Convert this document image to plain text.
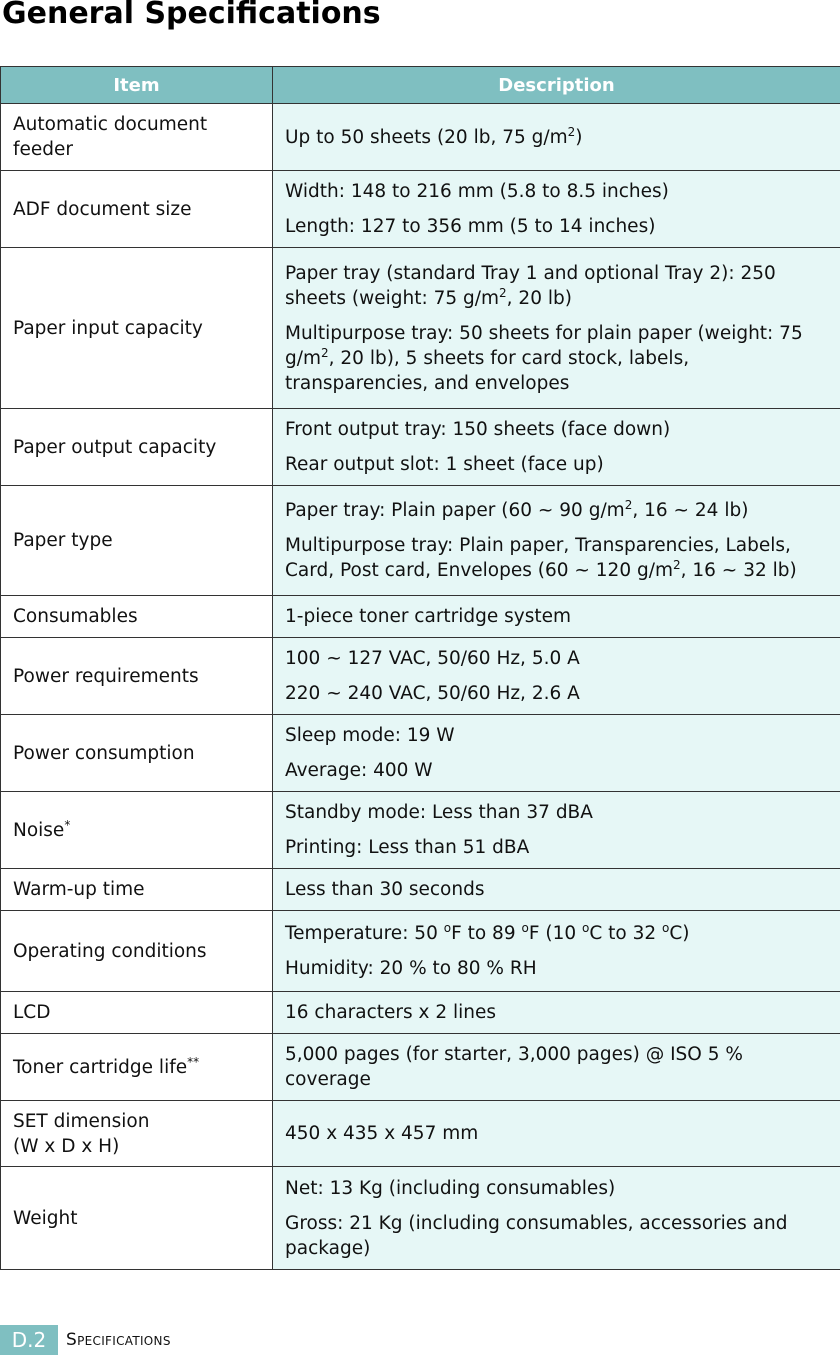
General Specifications
Item	Description
Automatic document feeder	Up to 50 sheets (20 lb, 75 $g/m^2$)

ADF document size	Width: 148 to 216 mm (5.8 to 8.5 inches)

Length: 127 to 356 mm (5 to 14 inches)

Paper input capacity	Paper tray (standard Tray 1 and optional Tray 2): 250 sheets (weight: 75 $g/m^2$, 20 lb)

Multipurpose tray: 50 sheets for plain paper (weight: 75 $g/m^2$, 20 lb), 5 sheets for card stock, labels, transparencies, and envelopes

Paper output capacity	Front output tray: 150 sheets (face down)

Rear output slot: 1 sheet (face up)

Paper type	Paper tray: Plain paper (60 ~ 90 $g/m^2$, 16 ~ 24 lb)

Multipurpose tray: Plain paper, Transparencies, Labels, Card, Post card, Envelopes (60 ~ 120 $g/m^2$, 16 ~ 32 lb)

Consumables	1-piece toner cartridge system

Power requirements	100 ~ 127 VAC, 50/60 Hz, 5.0 A

220 ~ 240 VAC, 50/60 Hz, 2.6 A

Power consumption	Sleep mode: 19 W

Average: 400 W

Noise*	Standby mode: Less than 37 dBA

Printing: Less than 51 dBA

Warm-up time	Less than 30 seconds

Operating conditions	Temperature: 50 $^o$F to 89 $^o$F (10 $^o$C to 32 $^o$C)

Humidity: 20 % to 80 % RH

LCD	16 characters x 2 lines

Toner cartridge life**	5,000 pages (for starter, 3,000 pages) @ ISO 5 % coverage

SET dimension
(W x D x H)	450 x 435 x 457 mm

Weight	Net: 13 Kg (including consumables)

Gross: 21 Kg (including consumables, accessories and package)

D.2	Specifications
